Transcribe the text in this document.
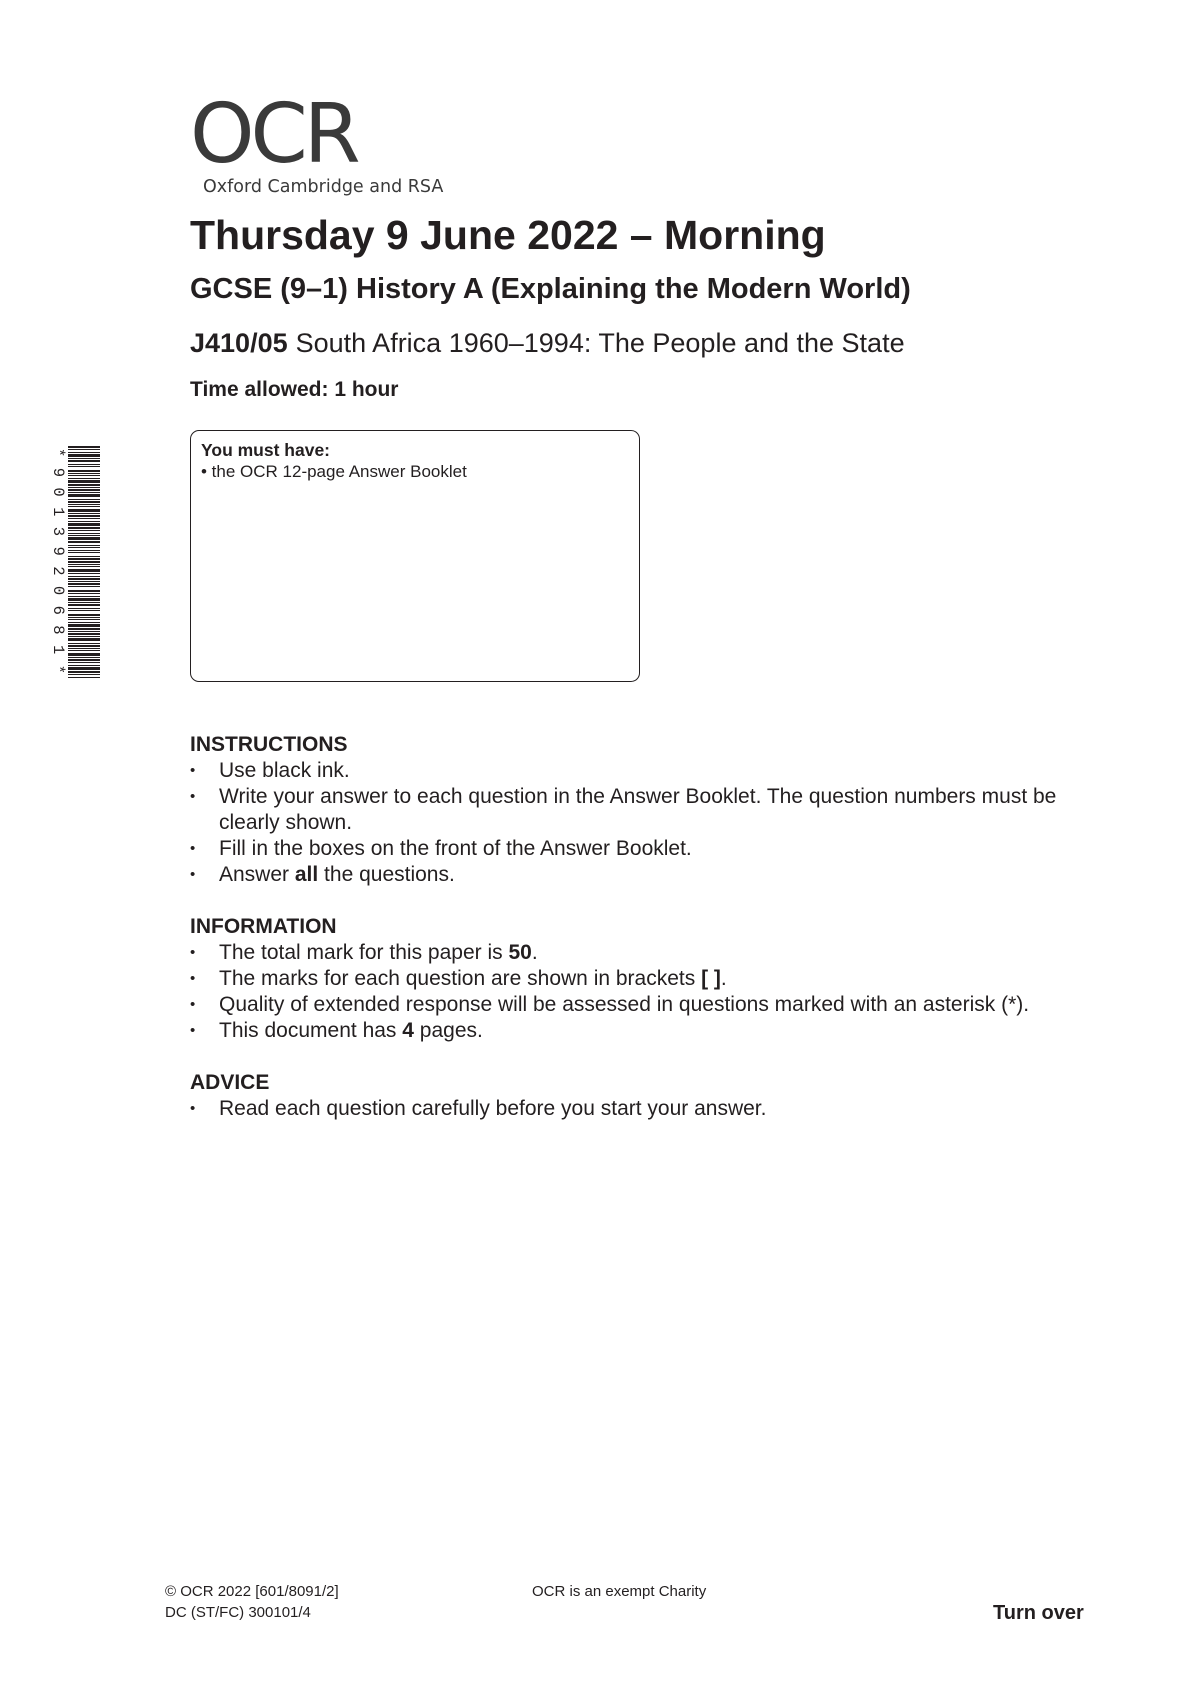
OCR
Oxford Cambridge and RSA
Thursday 9 June 2022 – Morning
GCSE (9–1) History A (Explaining the Modern World)
J410/05 South Africa 1960–1994: The People and the State
Time allowed: 1 hour
*9013920681*
You must have:
• the OCR 12-page Answer Booklet
INSTRUCTIONS
• Use black ink.
• Write your answer to each question in the Answer Booklet. The question numbers must be clearly shown.
• Fill in the boxes on the front of the Answer Booklet.
• Answer all the questions.
INFORMATION
• The total mark for this paper is 50.
• The marks for each question are shown in brackets [ ].
• Quality of extended response will be assessed in questions marked with an asterisk (*).
• This document has 4 pages.
ADVICE
• Read each question carefully before you start your answer.
© OCR 2022 [601/8091/2]
DC (ST/FC) 300101/4
OCR is an exempt Charity
Turn over
